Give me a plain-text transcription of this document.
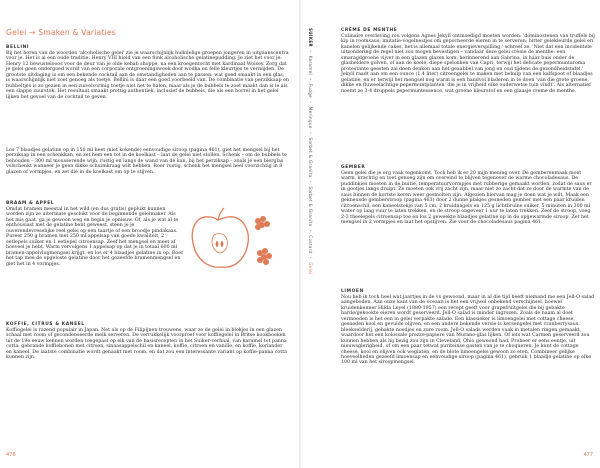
Gelei → Smaken & Variaties
BELLINI
Bij het horen van de woorden 'alcoholische gelei' zie je waarschijnlijk hulkdelige groepen jongeren in uitgaanscentra voor je. Het is al een oude traditie. Henry VIII hield van een flink alcoholische gelatinepudding. Je ziet het voor je: Henry 12 bewustelooos voor de deur van je olde kebab shoppe, na een kroegentocht met kardinaal Wolsey. Zorg dat je gelei geen ondergoed wordt van een corporale ontgroeningsweek door wodka en felle kleurtjes te vermijden. De grootste uitdaging is om een bekende cocktail aan de omstandigheden aan te passen: wat goed smaakt in een glas, is waarschijnlijk niet zoet genoeg als toetje. Bellini is daar een goed voorbeeld van. De combinatie van perzikkaap en bubbeltjes is zo gezien in een zuivelvormig toetje niet het te halen, maar als je de bubbels te zoet maakt dan is ie als een slappe zuurstok. Het resultaat smaakt prettig authentiek, inclusief de bubbels, die als een borrel in het gelei lijken het gevoel van de cocktail te geven.
Los 7 blaadjes gelatine op in 150 ml heet (niet kokende) eenvoudige siroop (pagina 461), giet het mengsel bij het perziksap in een schenkkan, en zet hem een tot in de koelkast – laat de gelei niet stollen. Schenk – om de bubbels te behouden – 300 ml mousserende wijn, rustig en langs de wand van de kan, bij het perziksap – zoals je een bierglas volschenkt wanneer je geen dikke schuimkraag wilt hebben. Roer rustig, schenk het mengsel heel voorzichtig in 8 glazen of vormpjes, en zet die in de koelkast om op te stijven.
BRAAM & APPEL
Omdat bramen meestal in het wild (en dus gratis) geplukt kunnen worden zijn ze uitermate geschikt voor de beginnende geleimaker. Als het mis gaat, ga je gewoon weg en begin je opnieuw. Of, als je wat al te enthousiast met de gelatine bent geweest, steen je je ouverendevreselijke reel gelei op een taartje of een broodje pindakaas. Pureer 250 g bramen met 250 ml appelsap van goede kwaliteit, 2 eetlepels suiker en 1 eetlepel citroensap. Zeef het mengsel en meet af hoeveel je hebt. Warm vervolgens 1 appelsap op dat je in totaal 600 ml bramen-appelvlugmengsel krijgt, en los er 4 blaadjes gelatine in op. Roer het tap mee de opgeloste gelatine door het gezeefde bramenmengsel en giet het in 4 vormpjes.
KOFFIE, CITRUS & KANEEL
Koffiegelei is razend populair in Japan. Net als op de Filipijnen trouwens, waar ze de gelei in blokjes in een glazen schaal met room of gecondenseerde melk serveren. De verrukkelijk voorproef voor koffiegelei in Britse kookboeken uit de 19e eeuw kennen worden toegepast op elk van de basisrecepten in het Suiker-verhaal, van karamel tot panna cotta: gebrande koffiebonen met citroen, sinaasappelschil en kaneel, koffie, citroen en vanille, en koffie, koriander en kaneel. De laatste combinatie wordt genaakt met room, en dat zou een interessante variant op koffie-panna cotta kunnen zijn.
476
SUIKER•Karamel•Fudge•Meringue•Sorbet & Granita•Sorbet & Granita•Custard•Gelei
CRÈME DE MENTHE
Culinaire overleving rou volgens Agnes Jekyll ontmoedigd moeten worden: 'dominostenen van truffels bij kip in roomsaus; imitatie-vogelnestjes om gepocheerde eieren in te serveren; bitter gelekleurde gelei en kanelen gelijkende cakes, het is allemaal totale energieverspilling,' schreef ze. 'Niet dat een incidentele uitzondering de regel niet zou mogen bevestigen – vandaar deze gelei crème de menthe: een smaragdgroene vijver in een glazen glazen kom, herinnerend aan Sabrina, in haar huis onder de glasheldere golven, of aan de koele, diepe spelonken van Capri, terwijl het delicate pepermuntaroma protestante geesten zal doen denken aan het geaabbel van jong en oud tijdens de gezondheidstafel.' Jekyll raadt aan om een ounce (1.4 liter) citroengelei te maken met behulp van een kalfspoot of blaadjes gelatine, en er terwijl het mengsel nog warm is een handvol bladeren in te doen 'van die grote groene, dikke en fluweelachtige pepermuntplanten' die je in vrijheid elke ouderwetse tuin vindt'. Als alternatief noemt ze 3-4 druppels pepermuntessence, wat groene kleurstof en een glaasje creme de menthe.
GEMBER
Geen gelei die je erg vaak tegenkomt. Toch heb ik er 20 mijn mening over. De gemberenmaak moet warm, krachtig en toet genoeg zijn om overeind te blijven tegenover de warme chocoladesaus. De puddinkies moeten in de buitie, temperatuurvormpjes met rubberige gemaakt worden, zodat de saus er in gootjes langs druipt. Ze moeten ook vrij zacht zijn, maar niet zo zacht dat ze door de warmte van de saus binnen de kortste keren weer gesmolten zijn. Afgezien hiervan mag je doen wat je wilt. Maak een gekneusde gemberstroop (pagina 463) door 2 dunne plakjes gesneden gember met een paar kruiden citroenschil, een kaneelstokje van 5 cm, 2 kruidnagels en 125 g lichtbruine suiker, 5 minuten in 300 ml water op laag vuur te laten trekken, en de stroop ongeveer 1 uur te laten trekken. Zeef de stroop, voeg 2-3 theelepels citroensap toe en los 2 geweekte blaadjes gelatine op in de opgewarmde siroop. Zet het mengsel in 2 vormpjes en laat het opstijven. Zie voor de chocoladesaus pagina 461.
LIMOEN
Nou heb ik toch heel wat jaartjes in de vs gewoond, maar in al die tijd heeft niemand me een Jell-O salad aangeboden. Aan onze kant van de oceaan is het een vrijwel onbekend verschijnsel, hoewel kruidenkenner Hilda Leyel (1880-1957) een recept geeft voor grapefruitgelei die bij gebakte harde/gekookte eieren wordt geserveerd. Jell-O salad is minder ingrozen. Zoals de naam al doet vermoeden is het een in gelei verpakte salade. Een klassieker is limoengelei met cottage cheese, gesneden kool en gevulde olijven, en een andere bekende versie is kersengelei met cranberrysaus, bleekselderij, gehakte noedjes en zure room. Jell-O salads werden vaak in metalen ringen gemaakt, waardoor het een kolossale prezze-papiere van Murano-glas lijken. Of iets wat Carmen geserveerd zou kunnen hebben als hij bezig zou zijn in Cleveland, Ohio geweond had. Probeer er eens eentje, uit nieuwsgierigheid, of om een paar tetwat puriteinse gasten van je te choqueren. Je kunt de cottage cheese, kool en olijven ook weglaten, en de blote limoengelei gewoon zo eten. Combineer gelijke hoeveelheden gezeefd limoensap en eenvoudige siroop (pagina 461), gebruik 1 blaadje gelatine op elke 100 ml van het siroopmengsel.
477
